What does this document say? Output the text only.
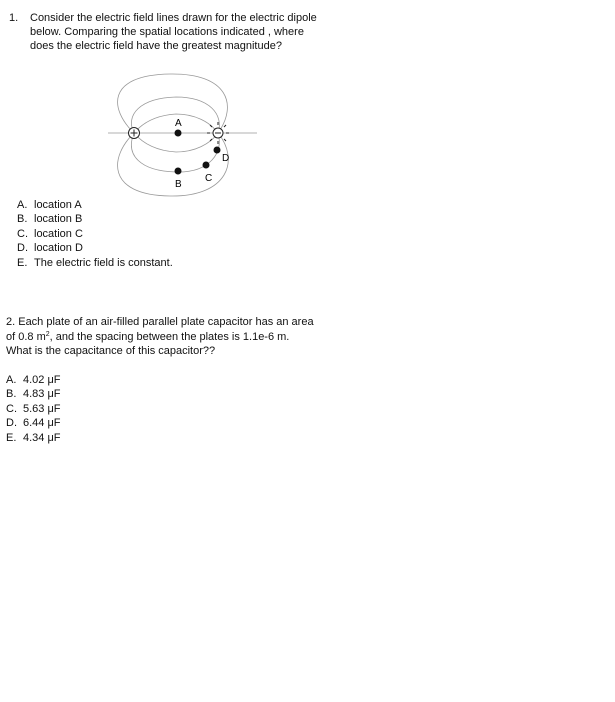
1. Consider the electric field lines drawn for the electric dipole
below. Comparing the spatial locations indicated , where
does the electric field have the greatest magnitude?
A
B
C
D
A. location A
B. location B
C. location C
D. location D
E. The electric field is constant.
2. Each plate of an air-filled parallel plate capacitor has an area
of 0.8 $m^2$, and the spacing between the plates is 1.1e-6 m.
What is the capacitance of this capacitor??
A. 4.02 μF
B. 4.83 μF
C. 5.63 μF
D. 6.44 μF
E. 4.34 μF
